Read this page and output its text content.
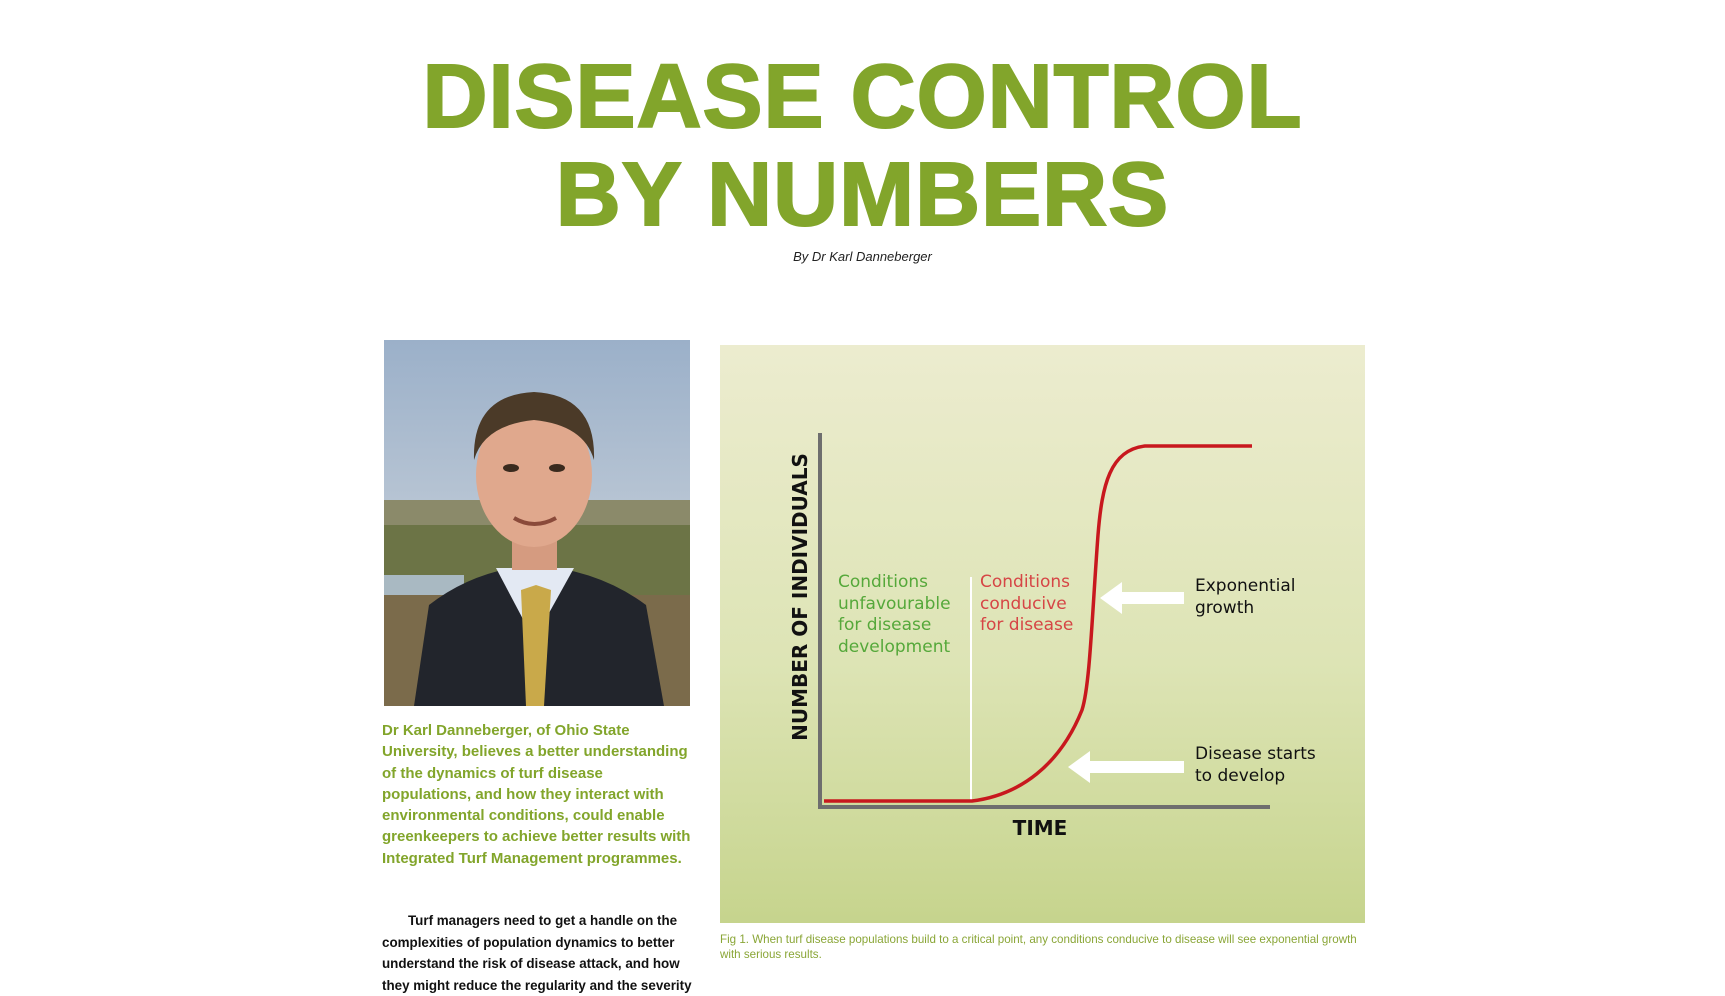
DISEASE CONTROL
BY NUMBERS
By Dr Karl Danneberger
Dr Karl Danneberger, of Ohio State University, believes a better understanding of the dynamics of turf disease populations, and how they interact with environmental conditions, could enable greenkeepers to achieve better results with Integrated Turf Management programmes.

Turf managers need to get a handle on the complexities of population dynamics to better understand the risk of disease attack, and how they might reduce the regularity and the severity

NUMBER OF INDIVIDUALS
TIME
Conditions
unfavourable
for disease
development
Conditions
conducive
for disease
Exponential
growth
Disease starts
to develop
Fig 1. When turf disease populations build to a critical point, any conditions conducive to disease will see exponential growth with serious results.
